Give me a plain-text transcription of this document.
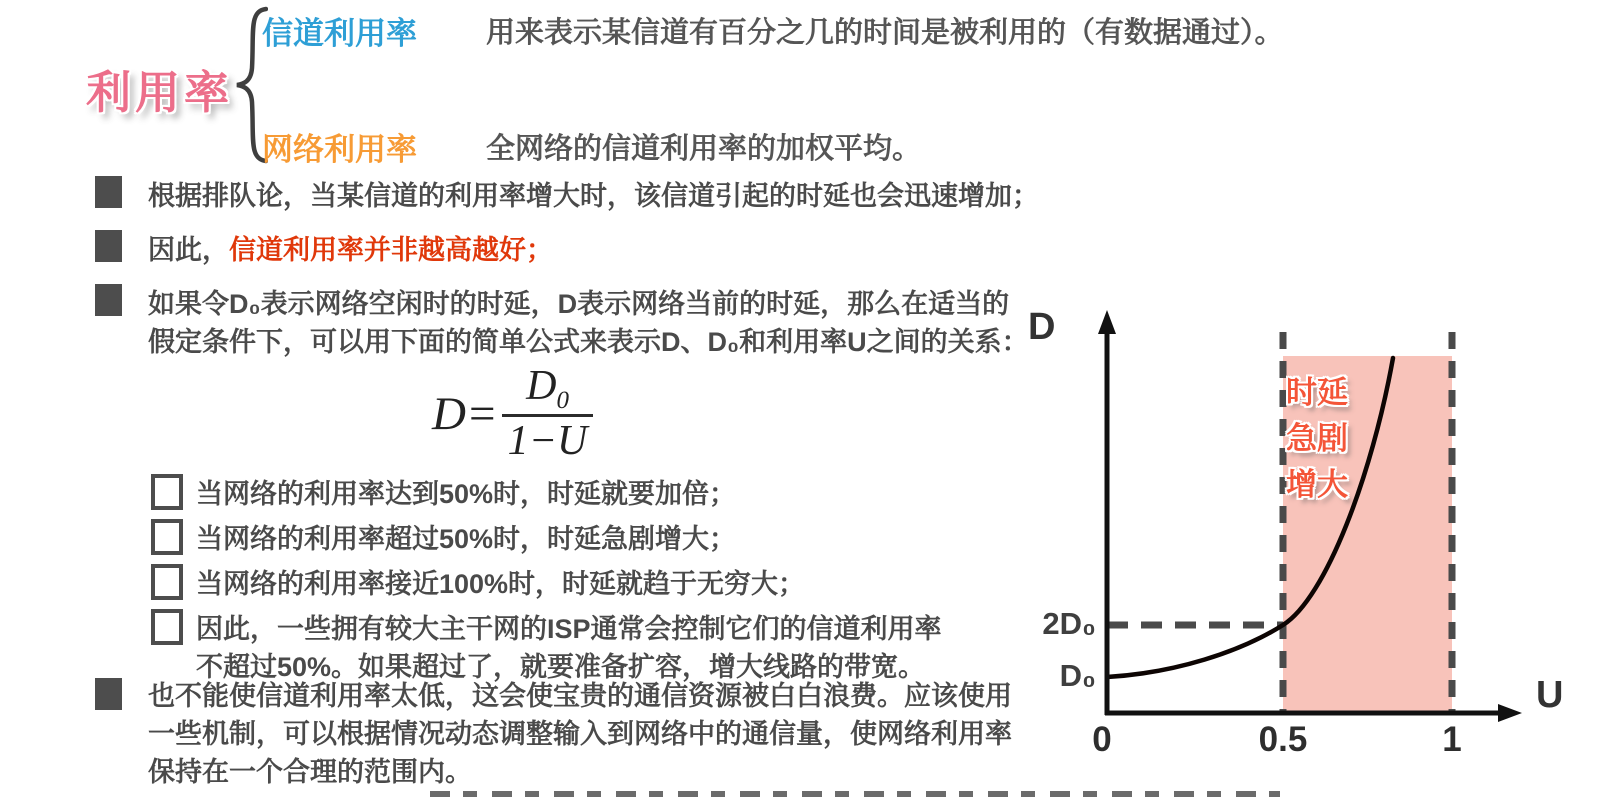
利用率
信道利用率 用来表示某信道有百分之几的时间是被利用的（有数据通过）。
网络利用率 全网络的信道利用率的加权平均。
根据排队论，当某信道的利用率增大时，该信道引起的时延也会迅速增加；
因此，信道利用率并非越高越好；
如果令D₀表示网络空闲时的时延，D表示网络当前的时延，那么在适当的
假定条件下，可以用下面的简单公式来表示D、D₀和利用率U之间的关系：
$D= \frac{D_0}{1-U}$
当网络的利用率达到50%时，时延就要加倍；
当网络的利用率超过50%时，时延急剧增大；
当网络的利用率接近100%时，时延就趋于无穷大；
因此，一些拥有较大主干网的ISP通常会控制它们的信道利用率
不超过50%。如果超过了，就要准备扩容，增大线路的带宽。
也不能使信道利用率太低，这会使宝贵的通信资源被白白浪费。应该使用
一些机制，可以根据情况动态调整输入到网络中的通信量，使网络利用率
保持在一个合理的范围内。
D
U
2D₀
D₀
0	0.5	1
时延
急剧
增大
